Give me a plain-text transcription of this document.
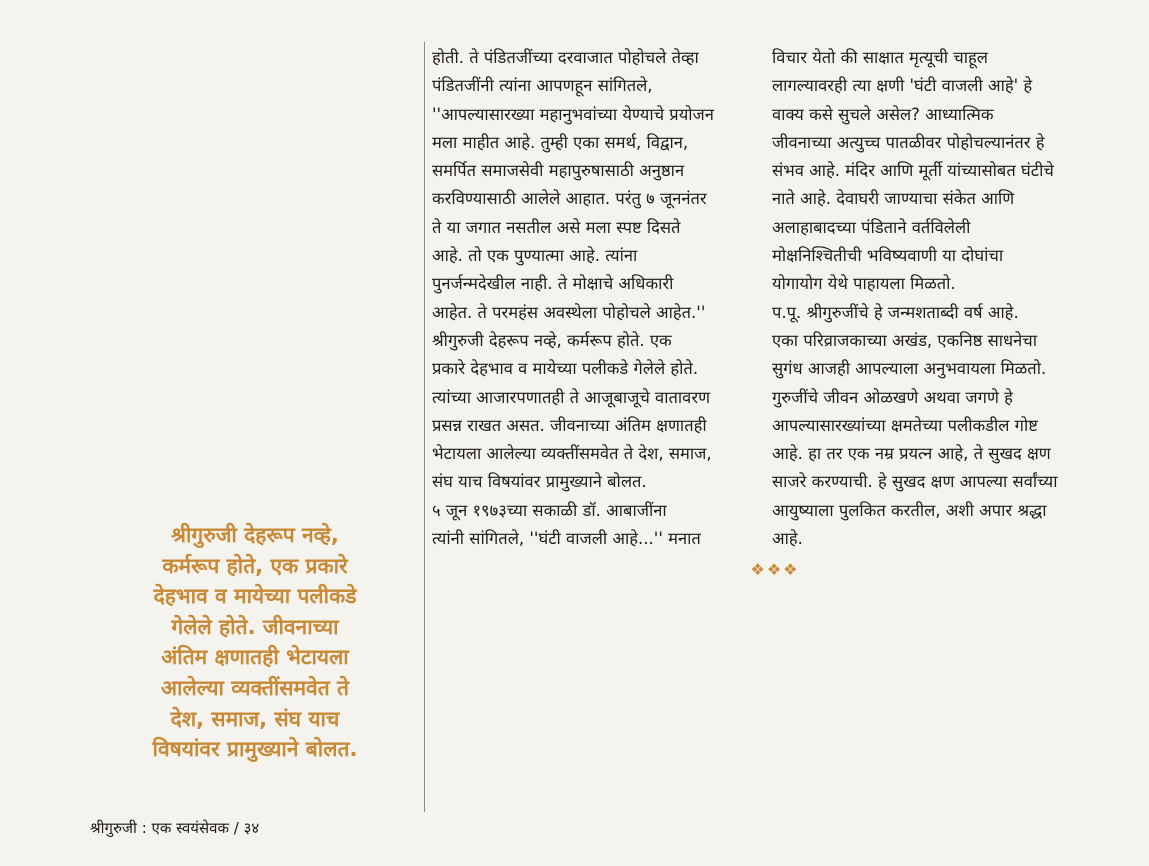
श्रीगुरुजी देहरूप नव्हे,
कर्मरूप होते, एक प्रकारे
देहभाव व मायेच्या पलीकडे
गेलेले होते. जीवनाच्या
अंतिम क्षणातही भेटायला
आलेल्या व्यक्तींसमवेत ते
देश, समाज, संघ याच
विषयांवर प्रामुख्याने बोलत.
होती. ते पंडितजींच्या दरवाजात पोहोचले तेव्हा
पंडितजींनी त्यांना आपणहून सांगितले,
''आपल्यासारख्या महानुभवांच्या येण्याचे प्रयोजन
मला माहीत आहे. तुम्ही एका समर्थ, विद्वान,
समर्पित समाजसेवी महापुरुषासाठी अनुष्ठान
करविण्यासाठी आलेले आहात. परंतु ७ जूननंतर
ते या जगात नसतील असे मला स्पष्ट दिसते
आहे. तो एक पुण्यात्मा आहे. त्यांना
पुनर्जन्मदेखील नाही. ते मोक्षाचे अधिकारी
आहेत. ते परमहंस अवस्थेला पोहोचले आहेत.''
श्रीगुरुजी देहरूप नव्हे, कर्मरूप होते. एक
प्रकारे देहभाव व मायेच्या पलीकडे गेलेले होते.
त्यांच्या आजारपणातही ते आजूबाजूचे वातावरण
प्रसन्न राखत असत. जीवनाच्या अंतिम क्षणातही
भेटायला आलेल्या व्यक्तींसमवेत ते देश, समाज,
संघ याच विषयांवर प्रामुख्याने बोलत.
५ जून १९७३च्या सकाळी डॉ. आबाजींना
त्यांनी सांगितले, ''घंटी वाजली आहे...'' मनात
विचार येतो की साक्षात मृत्यूची चाहूल
लागल्यावरही त्या क्षणी 'घंटी वाजली आहे' हे
वाक्य कसे सुचले असेल? आध्यात्मिक
जीवनाच्या अत्युच्च पातळीवर पोहोचल्यानंतर हे
संभव आहे. मंदिर आणि मूर्ती यांच्यासोबत घंटीचे
नाते आहे. देवाघरी जाण्याचा संकेत आणि
अलाहाबादच्या पंडिताने वर्तविलेली
मोक्षनिश्चितीची भविष्यवाणी या दोघांचा
योगायोग येथे पाहायला मिळतो.
प.पू. श्रीगुरुजींचे हे जन्मशताब्दी वर्ष आहे.
एका परिव्राजकाच्या अखंड, एकनिष्ठ साधनेचा
सुगंध आजही आपल्याला अनुभवायला मिळतो.
गुरुजींचे जीवन ओळखणे अथवा जगणे हे
आपल्यासारख्यांच्या क्षमतेच्या पलीकडील गोष्ट
आहे. हा तर एक नम्र प्रयत्न आहे, ते सुखद क्षण
साजरे करण्याची. हे सुखद क्षण आपल्या सर्वांच्या
आयुष्याला पुलकित करतील, अशी अपार श्रद्धा
आहे.
❖❖❖
श्रीगुरुजी : एक स्वयंसेवक / ३४
